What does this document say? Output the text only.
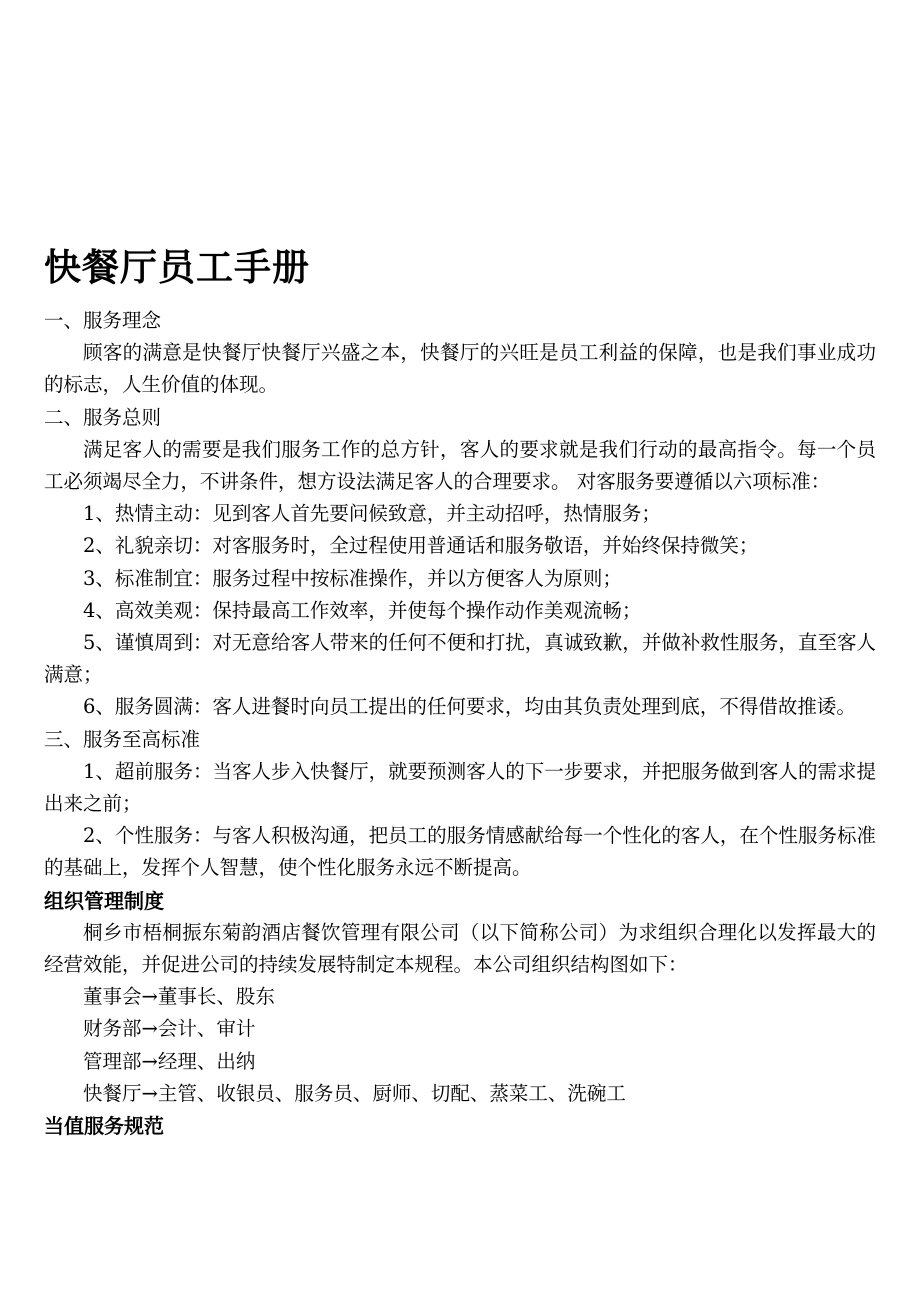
快餐厅员工手册

一、服务理念

顾客的满意是快餐厅快餐厅兴盛之本，快餐厅的兴旺是员工利益的保障，也是我们事业成功的标志，人生价值的体现。

二、服务总则

满足客人的需要是我们服务工作的总方针，客人的要求就是我们行动的最高指令。每一个员工必须竭尽全力，不讲条件，想方设法满足客人的合理要求。 对客服务要遵循以六项标准：

1、热情主动：见到客人首先要问候致意，并主动招呼，热情服务；

2、礼貌亲切：对客服务时，全过程使用普通话和服务敬语，并始终保持微笑；

3、标准制宜：服务过程中按标准操作，并以方便客人为原则；

4、高效美观：保持最高工作效率，并使每个操作动作美观流畅；

5、谨慎周到：对无意给客人带来的任何不便和打扰，真诚致歉，并做补救性服务，直至客人满意；

6、服务圆满：客人进餐时向员工提出的任何要求，均由其负责处理到底，不得借故推诿。

三、服务至高标准

1、超前服务：当客人步入快餐厅，就要预测客人的下一步要求，并把服务做到客人的需求提出来之前；

2、个性服务：与客人积极沟通，把员工的服务情感献给每一个性化的客人，在个性服务标准的基础上，发挥个人智慧，使个性化服务永远不断提高。

组织管理制度

桐乡市梧桐振东菊韵酒店餐饮管理有限公司（以下简称公司）为求组织合理化以发挥最大的经营效能，并促进公司的持续发展特制定本规程。本公司组织结构图如下：

董事会→董事长、股东

财务部→会计、审计

管理部→经理、出纳

快餐厅→主管、收银员、服务员、厨师、切配、蒸菜工、洗碗工

当值服务规范
